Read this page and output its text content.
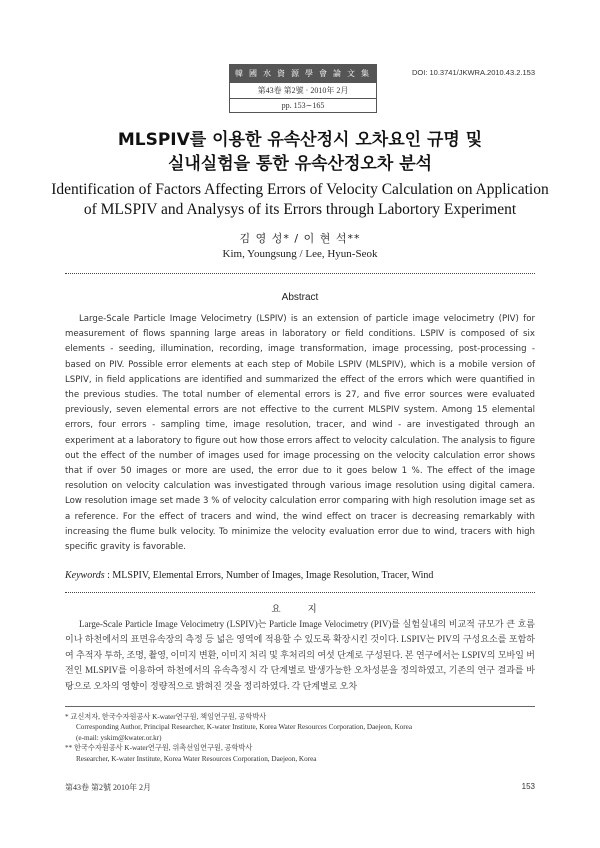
韓 國 水 資 源 學 會 論 文 集
第43卷 第2號 · 2010年 2月
pp. 153∼165
DOI: 10.3741/JKWRA.2010.43.2.153
MLSPIV를 이용한 유속산정시 오차요인 규명 및
실내실험을 통한 유속산정오차 분석
Identification of Factors Affecting Errors of Velocity Calculation on Application
of MLSPIV and Analysys of its Errors through Labortory Experiment
김 영 성* / 이 현 석**
Kim, Youngsung / Lee, Hyun-Seok
Abstract
Large-Scale Particle Image Velocimetry (LSPIV) is an extension of particle image velocimetry (PIV) for measurement of flows spanning large areas in laboratory or field conditions. LSPIV is composed of six elements - seeding, illumination, recording, image transformation, image processing, post-processing - based on PIV. Possible error elements at each step of Mobile LSPIV (MLSPIV), which is a mobile version of LSPIV, in field applications are identified and summarized the effect of the errors which were quantified in the previous studies. The total number of elemental errors is 27, and five error sources were evaluated previously, seven elemental errors are not effective to the current MLSPIV system. Among 15 elemental errors, four errors - sampling time, image resolution, tracer, and wind - are investigated through an experiment at a laboratory to figure out how those errors affect to velocity calculation. The analysis to figure out the effect of the number of images used for image processing on the velocity calculation error shows that if over 50 images or more are used, the error due to it goes below 1 %. The effect of the image resolution on velocity calculation was investigated through various image resolution using digital camera. Low resolution image set made 3 % of velocity calculation error comparing with high resolution image set as a reference. For the effect of tracers and wind, the wind effect on tracer is decreasing remarkably with increasing the flume bulk velocity. To minimize the velocity evaluation error due to wind, tracers with high specific gravity is favorable.
Keywords : MLSPIV, Elemental Errors, Number of Images, Image Resolution, Tracer, Wind
요 지
Large-Scale Particle Image Velocimetry (LSPIV)는 Particle Image Velocimetry (PIV)를 실험실내의 비교적 규모가 큰 흐름이나 하천에서의 표면유속장의 측정 등 넓은 영역에 적용할 수 있도록 확장시킨 것이다. LSPIV는 PIV의 구성요소를 포함하여 추적자 투하, 조명, 촬영, 이미지 변환, 이미지 처리 및 후처리의 여섯 단계로 구성된다. 본 연구에서는 LSPIV의 모바일 버전인 MLSPIV를 이용하여 하천에서의 유속측정시 각 단계별로 발생가능한 오차성분을 정의하였고, 기존의 연구 결과를 바탕으로 오차의 영향이 정량적으로 밝혀진 것을 정리하였다. 각 단계별로 오차
* 교신저자, 한국수자원공사 K-water연구원, 책임연구원, 공학박사
Corresponding Author, Principal Researcher, K-water Institute, Korea Water Resources Corporation, Daejeon, Korea
(e-mail: yskim@kwater.or.kr)
** 한국수자원공사 K-water연구원, 위촉선임연구원, 공학박사
Researcher, K-water Institute, Korea Water Resources Corporation, Daejeon, Korea
第43卷 第2號 2010年 2月	153
